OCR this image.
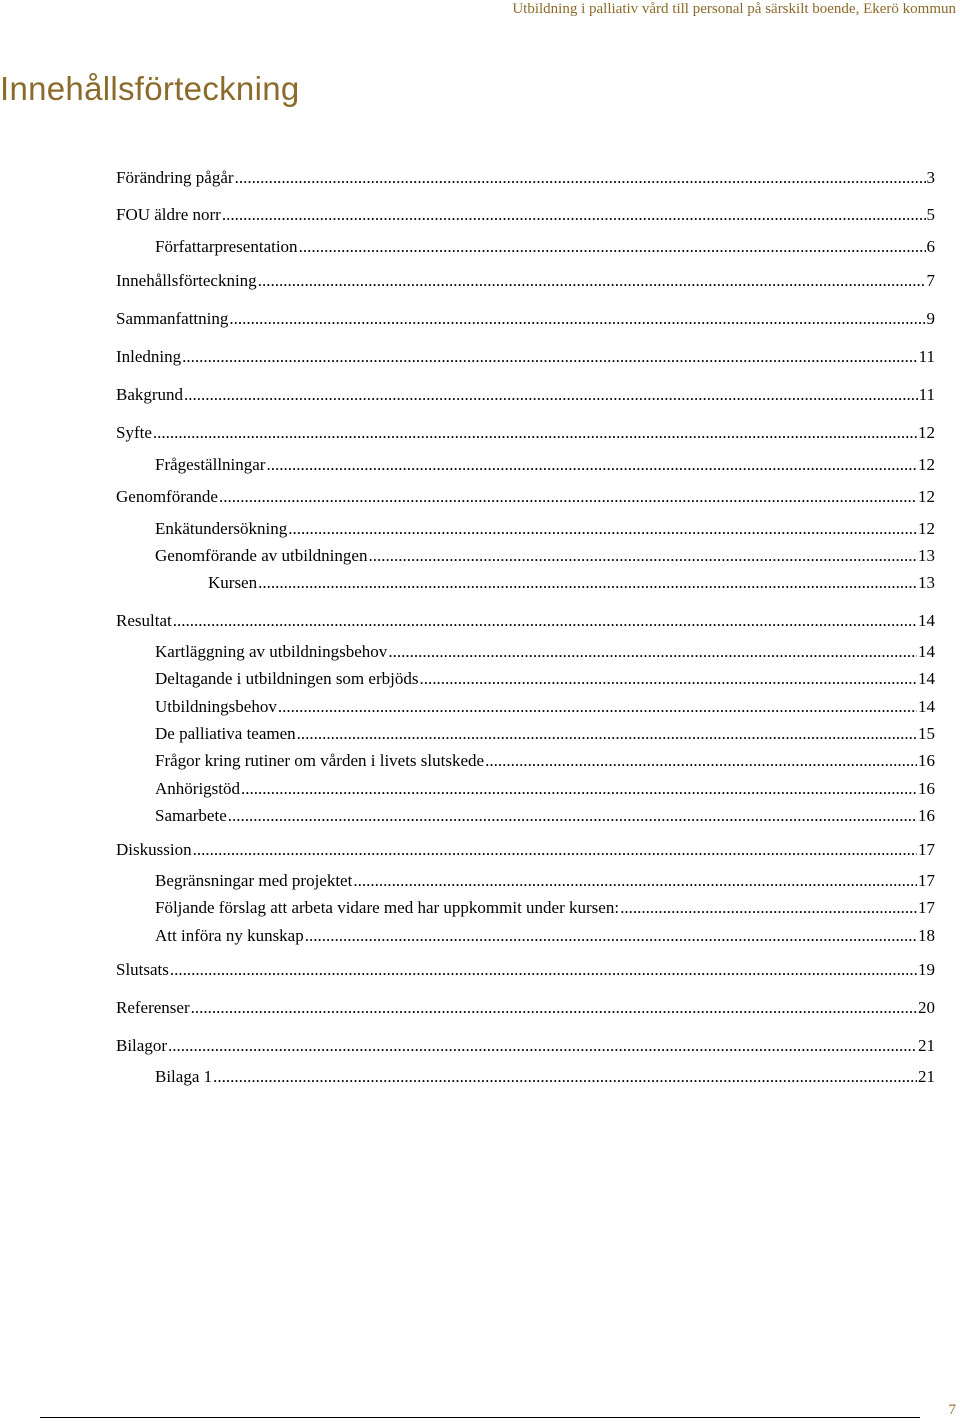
Utbildning i palliativ vård till personal på särskilt boende, Ekerö kommun
Innehållsförteckning
Förändring pågår .....	3
FOU äldre norr .....	5
Författarpresentation .....	6
Innehållsförteckning .....	7
Sammanfattning .....	9
Inledning .....	11
Bakgrund .....	11
Syfte .....	12
Frågeställningar .....	12
Genomförande .....	12
Enkätundersökning .....	12
Genomförande av utbildningen .....	13
Kursen .....	13
Resultat .....	14
Kartläggning av utbildningsbehov .....	14
Deltagande i utbildningen som erbjöds .....	14
Utbildningsbehov .....	14
De palliativa teamen .....	15
Frågor kring rutiner om vården i livets slutskede .....	16
Anhörigstöd .....	16
Samarbete .....	16
Diskussion .....	17
Begränsningar med projektet .....	17
Följande förslag att arbeta vidare med har uppkommit under kursen: .....	17
Att införa ny kunskap .....	18
Slutsats .....	19
Referenser .....	20
Bilagor .....	21
Bilaga 1 .....	21
7
